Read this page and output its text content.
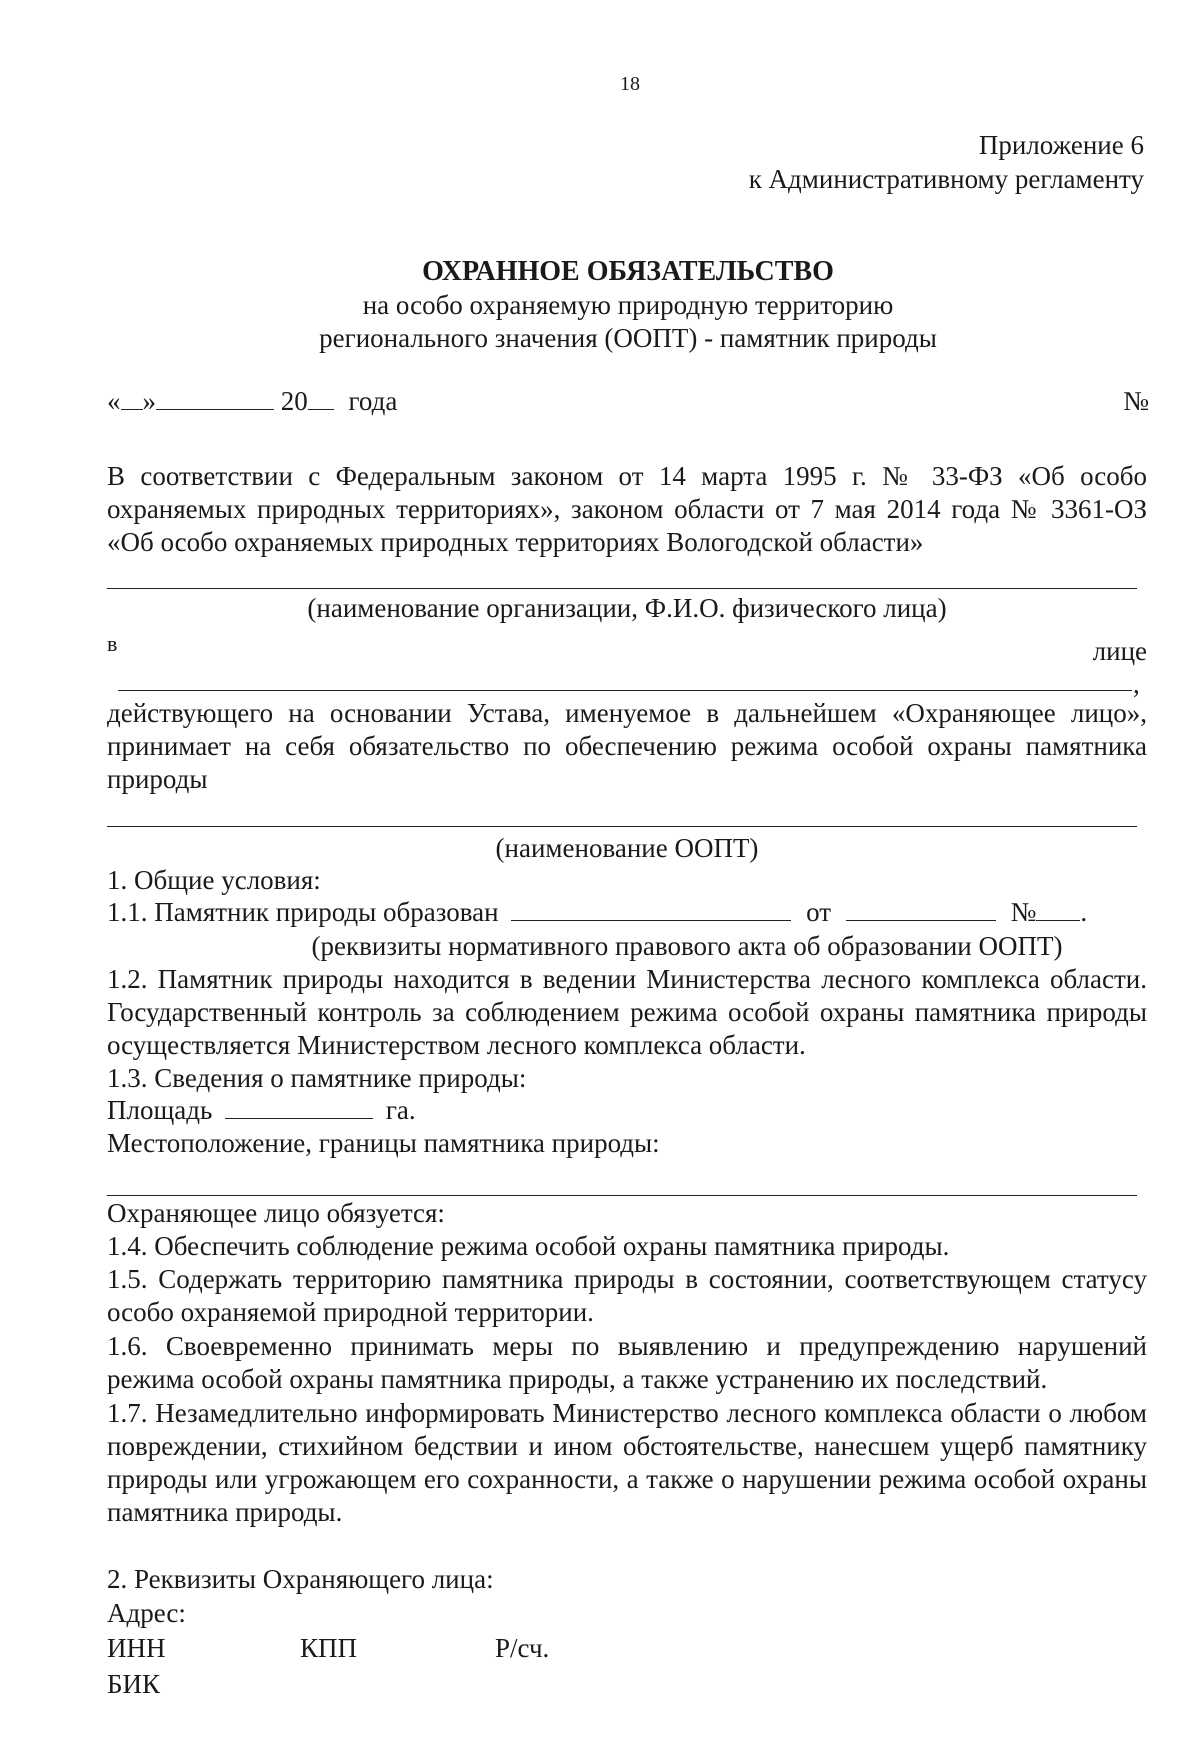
18
Приложение 6
к Административному регламенту
ОХРАННОЕ ОБЯЗАТЕЛЬСТВО
на особо охраняемую природную территорию
регионального значения (ООПТ) - памятник природы
« »	20 года	№
В соответствии с Федеральным законом от 14 марта 1995 г. № 33-ФЗ «Об особо охраняемых природных территориях», законом области от 7 мая 2014 года № 3361-ОЗ «Об особо охраняемых природных территориях Вологодской области»
(наименование организации, Ф.И.О. физического лица)
в	лице
,
действующего на основании Устава, именуемое в дальнейшем «Охраняющее лицо», принимает на себя обязательство по обеспечению режима особой охраны памятника природы
(наименование ООПТ)
1. Общие условия:
1.1. Памятник природы образован	от	№ .
(реквизиты нормативного правового акта об образовании ООПТ)
1.2. Памятник природы находится в ведении Министерства лесного комплекса области. Государственный контроль за соблюдением режима особой охраны памятника природы осуществляется Министерством лесного комплекса области.
1.3. Сведения о памятнике природы:
Площадь	га.
Местоположение, границы памятника природы:
Охраняющее лицо обязуется:
1.4. Обеспечить соблюдение режима особой охраны памятника природы.
1.5. Содержать территорию памятника природы в состоянии, соответствующем статусу особо охраняемой природной территории.
1.6. Своевременно принимать меры по выявлению и предупреждению нарушений режима особой охраны памятника природы, а также устранению их последствий.
1.7. Незамедлительно информировать Министерство лесного комплекса области о любом повреждении, стихийном бедствии и ином обстоятельстве, нанесшем ущерб памятнику природы или угрожающем его сохранности, а также о нарушении режима особой охраны памятника природы.
2. Реквизиты Охраняющего лица:
Адрес:
ИНН	КПП	Р/сч.
БИК
